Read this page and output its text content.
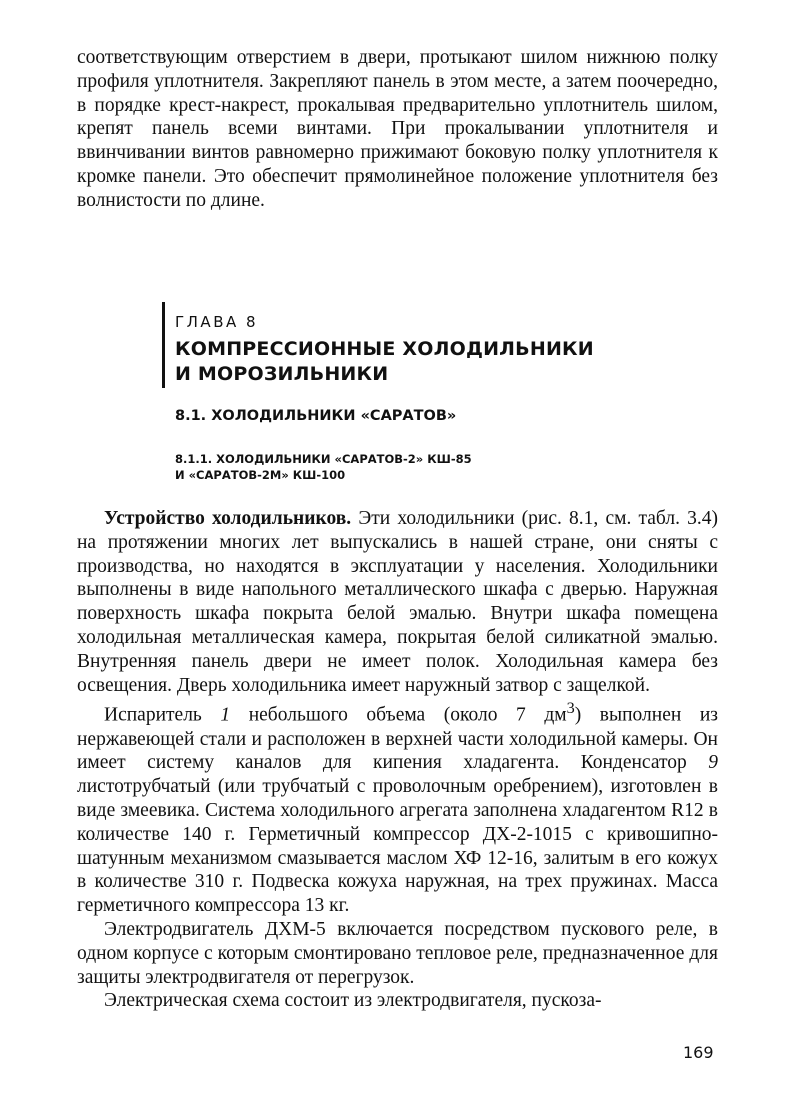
соответствующим отверстием в двери, протыкают шилом нижнюю полку профиля уплотнителя. Закрепляют панель в этом месте, а затем поочередно, в порядке крест-накрест, прокалывая предварительно уплотнитель шилом, крепят панель всеми винтами. При прокалывании уплотнителя и ввинчивании винтов равномерно прижимают боковую полку уплотнителя к кромке панели. Это обеспечит прямолинейное положение уплотнителя без волнистости по длине.

ГЛАВА 8
КОМПРЕССИОННЫЕ ХОЛОДИЛЬНИКИ
И МОРОЗИЛЬНИКИ
8.1. ХОЛОДИЛЬНИКИ «САРАТОВ»
8.1.1. ХОЛОДИЛЬНИКИ «САРАТОВ-2» КШ-85
И «САРАТОВ-2М» КШ-100

Устройство холодильников. Эти холодильники (рис. 8.1, см. табл. 3.4) на протяжении многих лет выпускались в нашей стране, они сняты с производства, но находятся в эксплуатации у населения. Холодильники выполнены в виде напольного металлического шкафа с дверью. Наружная поверхность шкафа покрыта белой эмалью. Внутри шкафа помещена холодильная металлическая камера, покрытая белой силикатной эмалью. Внутренняя панель двери не имеет полок. Холодильная камера без освещения. Дверь холодильника имеет наружный затвор с защелкой.

Испаритель 1 небольшого объема (около 7 $дм^3$) выполнен из нержавеющей стали и расположен в верхней части холодильной камеры. Он имеет систему каналов для кипения хладагента. Конденсатор 9 листотрубчатый (или трубчатый с проволочным оребрением), изготовлен в виде змеевика. Система холодильного агрегата заполнена хладагентом R12 в количестве 140 г. Герметичный компрессор ДХ-2-1015 с кривошипно-шатунным механизмом смазывается маслом ХФ 12-16, залитым в его кожух в количестве 310 г. Подвеска кожуха наружная, на трех пружинах. Масса герметичного компрессора 13 кг.

Электродвигатель ДХМ-5 включается посредством пускового реле, в одном корпусе с которым смонтировано тепловое реле, предназначенное для защиты электродвигателя от перегрузок.

Электрическая схема состоит из электродвигателя, пускоза-

169
